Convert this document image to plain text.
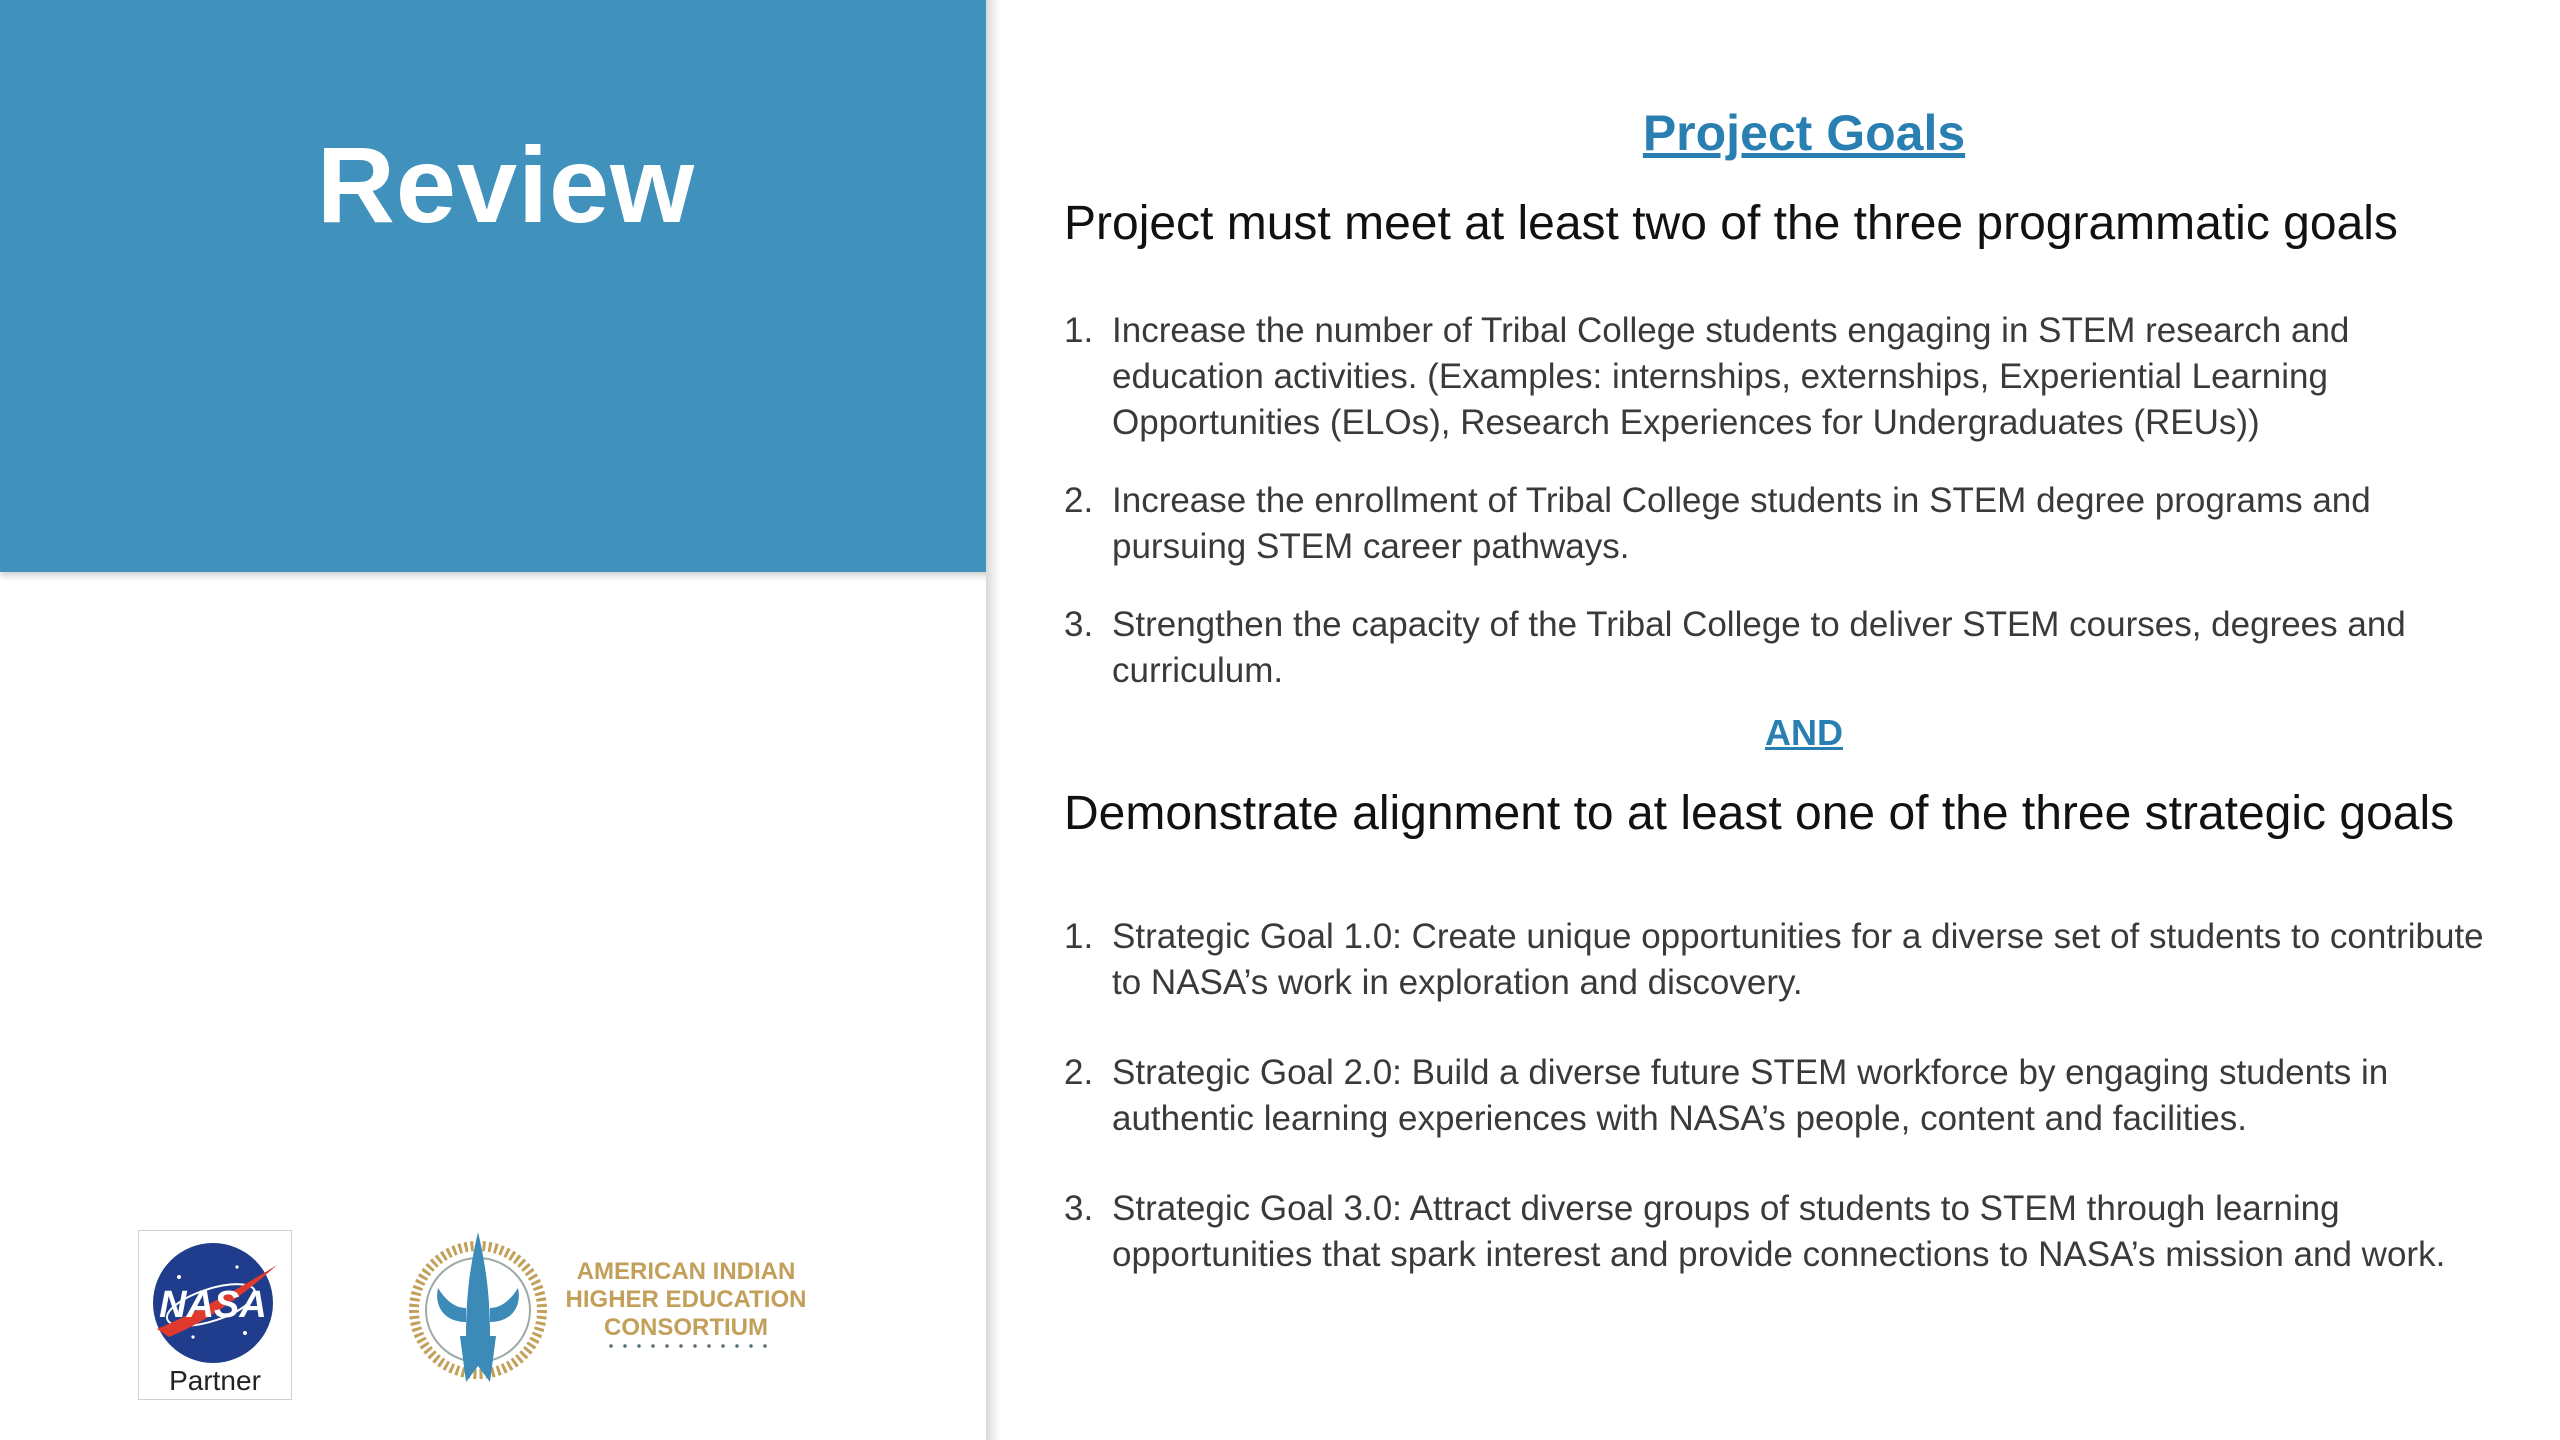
Review
NASA
Partner
AMERICAN INDIAN
HIGHER EDUCATION
CONSORTIUM
Project Goals
Project must meet at least two of the three programmatic goals
1. Increase the number of Tribal College students engaging in STEM research and education activities. (Examples: internships, externships, Experiential Learning Opportunities (ELOs), Research Experiences for Undergraduates (REUs))
2. Increase the enrollment of Tribal College students in STEM degree programs and pursuing STEM career pathways.
3. Strengthen the capacity of the Tribal College to deliver STEM courses, degrees and curriculum.
AND
Demonstrate alignment to at least one of the three strategic goals
1. Strategic Goal 1.0: Create unique opportunities for a diverse set of students to contribute to NASA’s work in exploration and discovery.
2. Strategic Goal 2.0: Build a diverse future STEM workforce by engaging students in authentic learning experiences with NASA’s people, content and facilities.
3. Strategic Goal 3.0: Attract diverse groups of students to STEM through learning opportunities that spark interest and provide connections to NASA’s mission and work.
